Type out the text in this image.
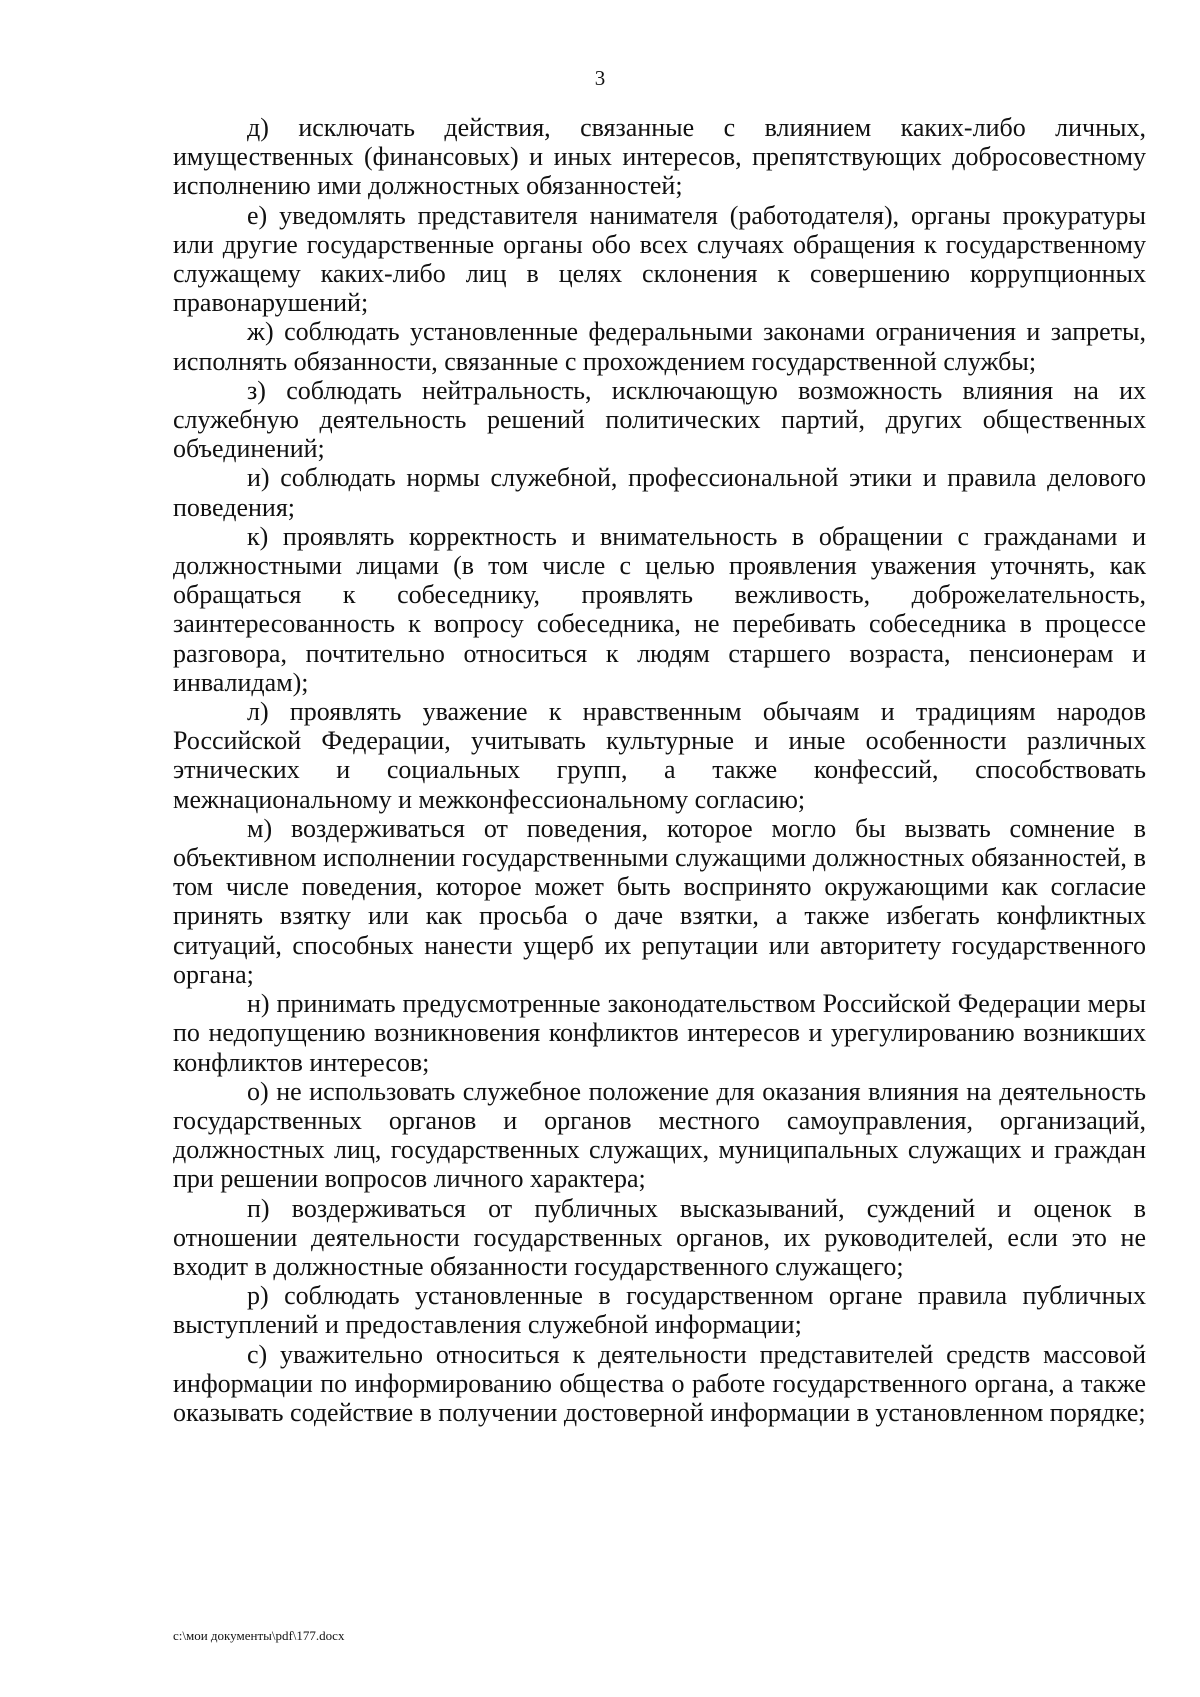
3

д) исключать действия, связанные с влиянием каких-либо личных, имущественных (финансовых) и иных интересов, препятствующих добросовестному исполнению ими должностных обязанностей;

е) уведомлять представителя нанимателя (работодателя), органы прокуратуры или другие государственные органы обо всех случаях обращения к государственному служащему каких-либо лиц в целях склонения к совершению коррупционных правонарушений;

ж) соблюдать установленные федеральными законами ограничения и запреты, исполнять обязанности, связанные с прохождением государственной службы;

з) соблюдать нейтральность, исключающую возможность влияния на их служебную деятельность решений политических партий, других общественных объединений;

и) соблюдать нормы служебной, профессиональной этики и правила делового поведения;

к) проявлять корректность и внимательность в обращении с гражданами и должностными лицами (в том числе с целью проявления уважения уточнять, как обращаться к собеседнику, проявлять вежливость, доброжелательность, заинтересованность к вопросу собеседника, не перебивать собеседника в процессе разговора, почтительно относиться к людям старшего возраста, пенсионерам и инвалидам);

л) проявлять уважение к нравственным обычаям и традициям народов Российской Федерации, учитывать культурные и иные особенности различных этнических и социальных групп, а также конфессий, способствовать межнациональному и межконфессиональному согласию;

м) воздерживаться от поведения, которое могло бы вызвать сомнение в объективном исполнении государственными служащими должностных обязанностей, в том числе поведения, которое может быть воспринято окружающими как согласие принять взятку или как просьба о даче взятки, а также избегать конфликтных ситуаций, способных нанести ущерб их репутации или авторитету государственного органа;

н) принимать предусмотренные законодательством Российской Федерации меры по недопущению возникновения конфликтов интересов и урегулированию возникших конфликтов интересов;

о) не использовать служебное положение для оказания влияния на деятельность государственных органов и органов местного самоуправления, организаций, должностных лиц, государственных служащих, муниципальных служащих и граждан при решении вопросов личного характера;

п) воздерживаться от публичных высказываний, суждений и оценок в отношении деятельности государственных органов, их руководителей, если это не входит в должностные обязанности государственного служащего;

р) соблюдать установленные в государственном органе правила публичных выступлений и предоставления служебной информации;

с) уважительно относиться к деятельности представителей средств массовой информации по информированию общества о работе государственного органа, а также оказывать содействие в получении достоверной информации в установленном порядке;

c:\мои документы\pdf\177.docx
